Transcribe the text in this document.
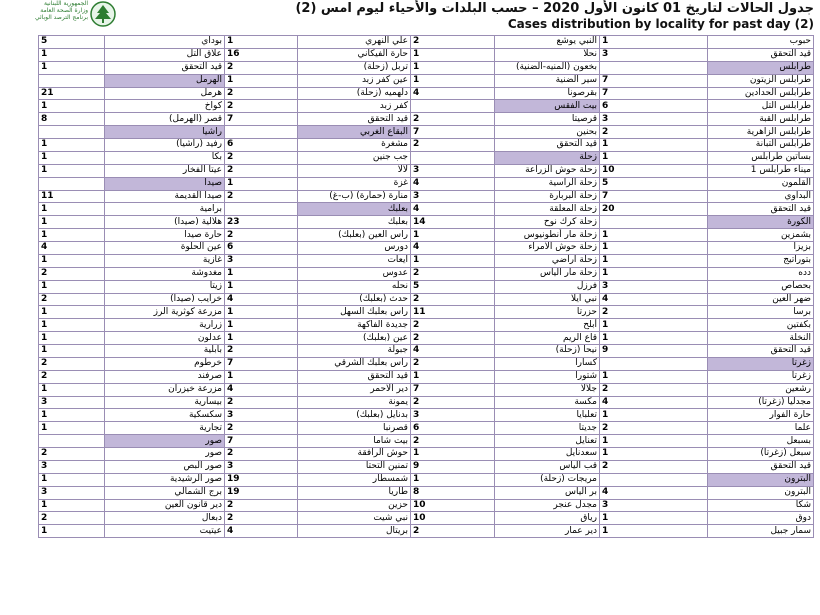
الجمهورية اللبنانية
وزارة الصحة العامة
برنامج الترصد الوبائي
جدول الحالات لتاريخ 01 كانون الأول 2020 – حسب البلدات والأحياء ليوم امس (2)
Cases distribution by locality for past day (2)
حبوب	1	النبي يوشع	2	علي النهري	1	بوداي	5
قيد التحقق	3	نحلا	1	حارة الفيكاني	16	علاق التل	1
طرابلس		بخعون (المنيه-الضنية)	1	تربل (زحلة)	2	قيد التحقق	1
طرابلس الزيتون	7	سير الضنية	1	عين كفر زبد	1	الهرمل	
طرابلس الحدادين	7	بقرصونا	4	دلهميه (زحلة)	2	هرمل	21
طرابلس التل	6	بيت الفقس		كفر زبد	2	كواخ	1
طرابلس القبة	3	قرصيتا	2	قيد التحقق	7	قصر (الهرمل)	8
طرابلس الزاهرية	2	بحنين	7	البقاع الغربي		راشيا	
طرابلس التبانة	1	قيد التحقق	2	مشغرة	6	رفيد (راشيا)	1
بساتين طرابلس	1	زحلة		جب جنين	2	بكا	1
ميناء طرابلس 1	10	زحلة حوش الزراعة	3	لالا	2	عيتا الفخار	1
القلمون	5	زحلة الراسية	4	غزة	1	صيدا	
البداوي	7	زحلة البربارة	3	منارة (حمارة) (ب-غ)	2	صيدا القديمة	11
قيد التحقق	20	زحلة المعلقة	4	بعلبك		برامية	1
الكورة		زحلة كرك نوح	14	بعلبك	23	هلالية (صيدا)	1
بشمزين	1	زحلة مار أنطونيوس	1	راس العين (بعلبك)	2	حارة صيدا	1
بزيزا	1	زحلة حوش الامراء	4	دورس	6	عين الحلوة	4
بتوراتيج	1	زحلة أراضي	1	ايعات	3	غازية	1
دده	1	زحلة مار الياس	2	عدوس	1	مغدوشة	2
بحصاص	3	فرزل	5	نحله	1	زيتا	1
ضهر العين	4	نبي ايلا	2	حدث (بعلبك)	4	خرايب (صيدا)	2
برسا	2	حزرتا	11	راس بعلبك السهل	1	مزرعة كوثرية الرز	1
بكفتين	1	أبلح	2	جديدة الفاكهة	1	زرارية	1
النخلة	1	قاع الريم	2	عين (بعلبك)	1	عدلون	1
قيد التحقق	9	نيحا (زحلة)	4	جبولة	2	بابلية	1
زغرتا		كسارا	2	راس بعلبك الشرقي	7	خرطوم	2
زغرتا	1	شتورا	1	قيد التحقق	1	صرفند	2
رشعين	2	جلالا	7	دير الاحمر	4	مزرعة خيزران	1
مجدليا (زغرتا)	4	مكسة	2	يمونة	2	بيسارية	3
حارة الفوار	1	تعلبايا	3	بدنايل (بعلبك)	3	سكسكية	1
علما	2	جديتا	6	قصرنبا	2	تجارية	1
بسبعل	1	تعنايل	2	بيت شاما	7	صور	
سبعل (زغرتا)	1	سعدنايل	1	حوش الرافقة	2	صور	2
قيد التحقق	2	قب الياس	9	تمنين التحتا	3	صور البص	3
البترون		مريجات (زحلة)	1	شمسطار	19	صور الرشيدية	1
البترون	4	بر الياس	8	طاريا	19	برج الشمالي	3
شكا	3	مجدل عنجر	10	حزين	2	دير قانون العين	1
دوق	1	رياق	10	نبي شيت	2	دبعال	2
سمار جبيل	1	دير عمار	2	بريتال	4	عيتيت	1
